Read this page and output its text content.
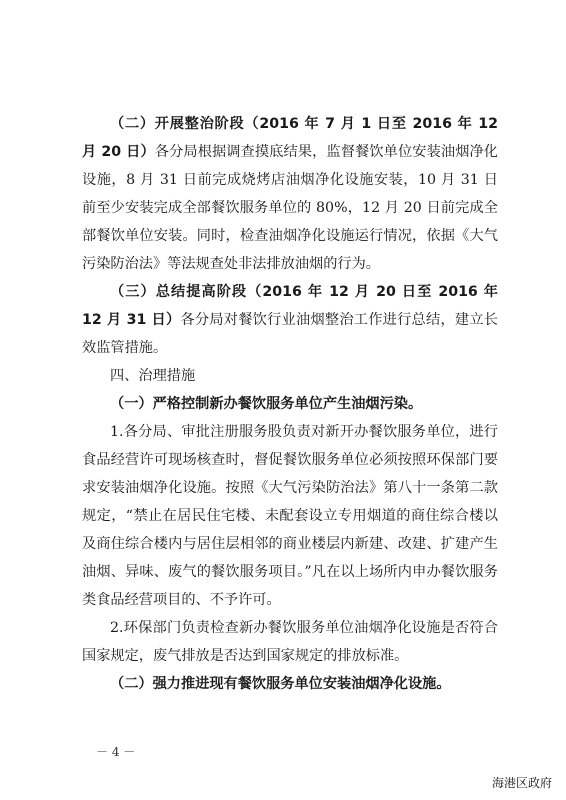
（二）开展整治阶段（2016 年 7 月 1 日至 2016 年 12 月 20 日）各分局根据调查摸底结果，监督餐饮单位安装油烟净化设施，8 月 31 日前完成烧烤店油烟净化设施安装，10 月 31 日前至少安装完成全部餐饮服务单位的 80%，12 月 20 日前完成全部餐饮单位安装。同时，检查油烟净化设施运行情况，依据《大气污染防治法》等法规查处非法排放油烟的行为。

（三）总结提高阶段（2016 年 12 月 20 日至 2016 年 12 月 31 日）各分局对餐饮行业油烟整治工作进行总结，建立长效监管措施。

四、治理措施

（一）严格控制新办餐饮服务单位产生油烟污染。

1.各分局、审批注册服务股负责对新开办餐饮服务单位，进行食品经营许可现场核查时，督促餐饮服务单位必须按照环保部门要求安装油烟净化设施。按照《大气污染防治法》第八十一条第二款规定，“禁止在居民住宅楼、未配套设立专用烟道的商住综合楼以及商住综合楼内与居住层相邻的商业楼层内新建、改建、扩建产生油烟、异味、废气的餐饮服务项目。”凡在以上场所内申办餐饮服务类食品经营项目的、不予许可。

2.环保部门负责检查新办餐饮服务单位油烟净化设施是否符合国家规定，废气排放是否达到国家规定的排放标准。

（二）强力推进现有餐饮服务单位安装油烟净化设施。

－ 4 －
海港区政府
